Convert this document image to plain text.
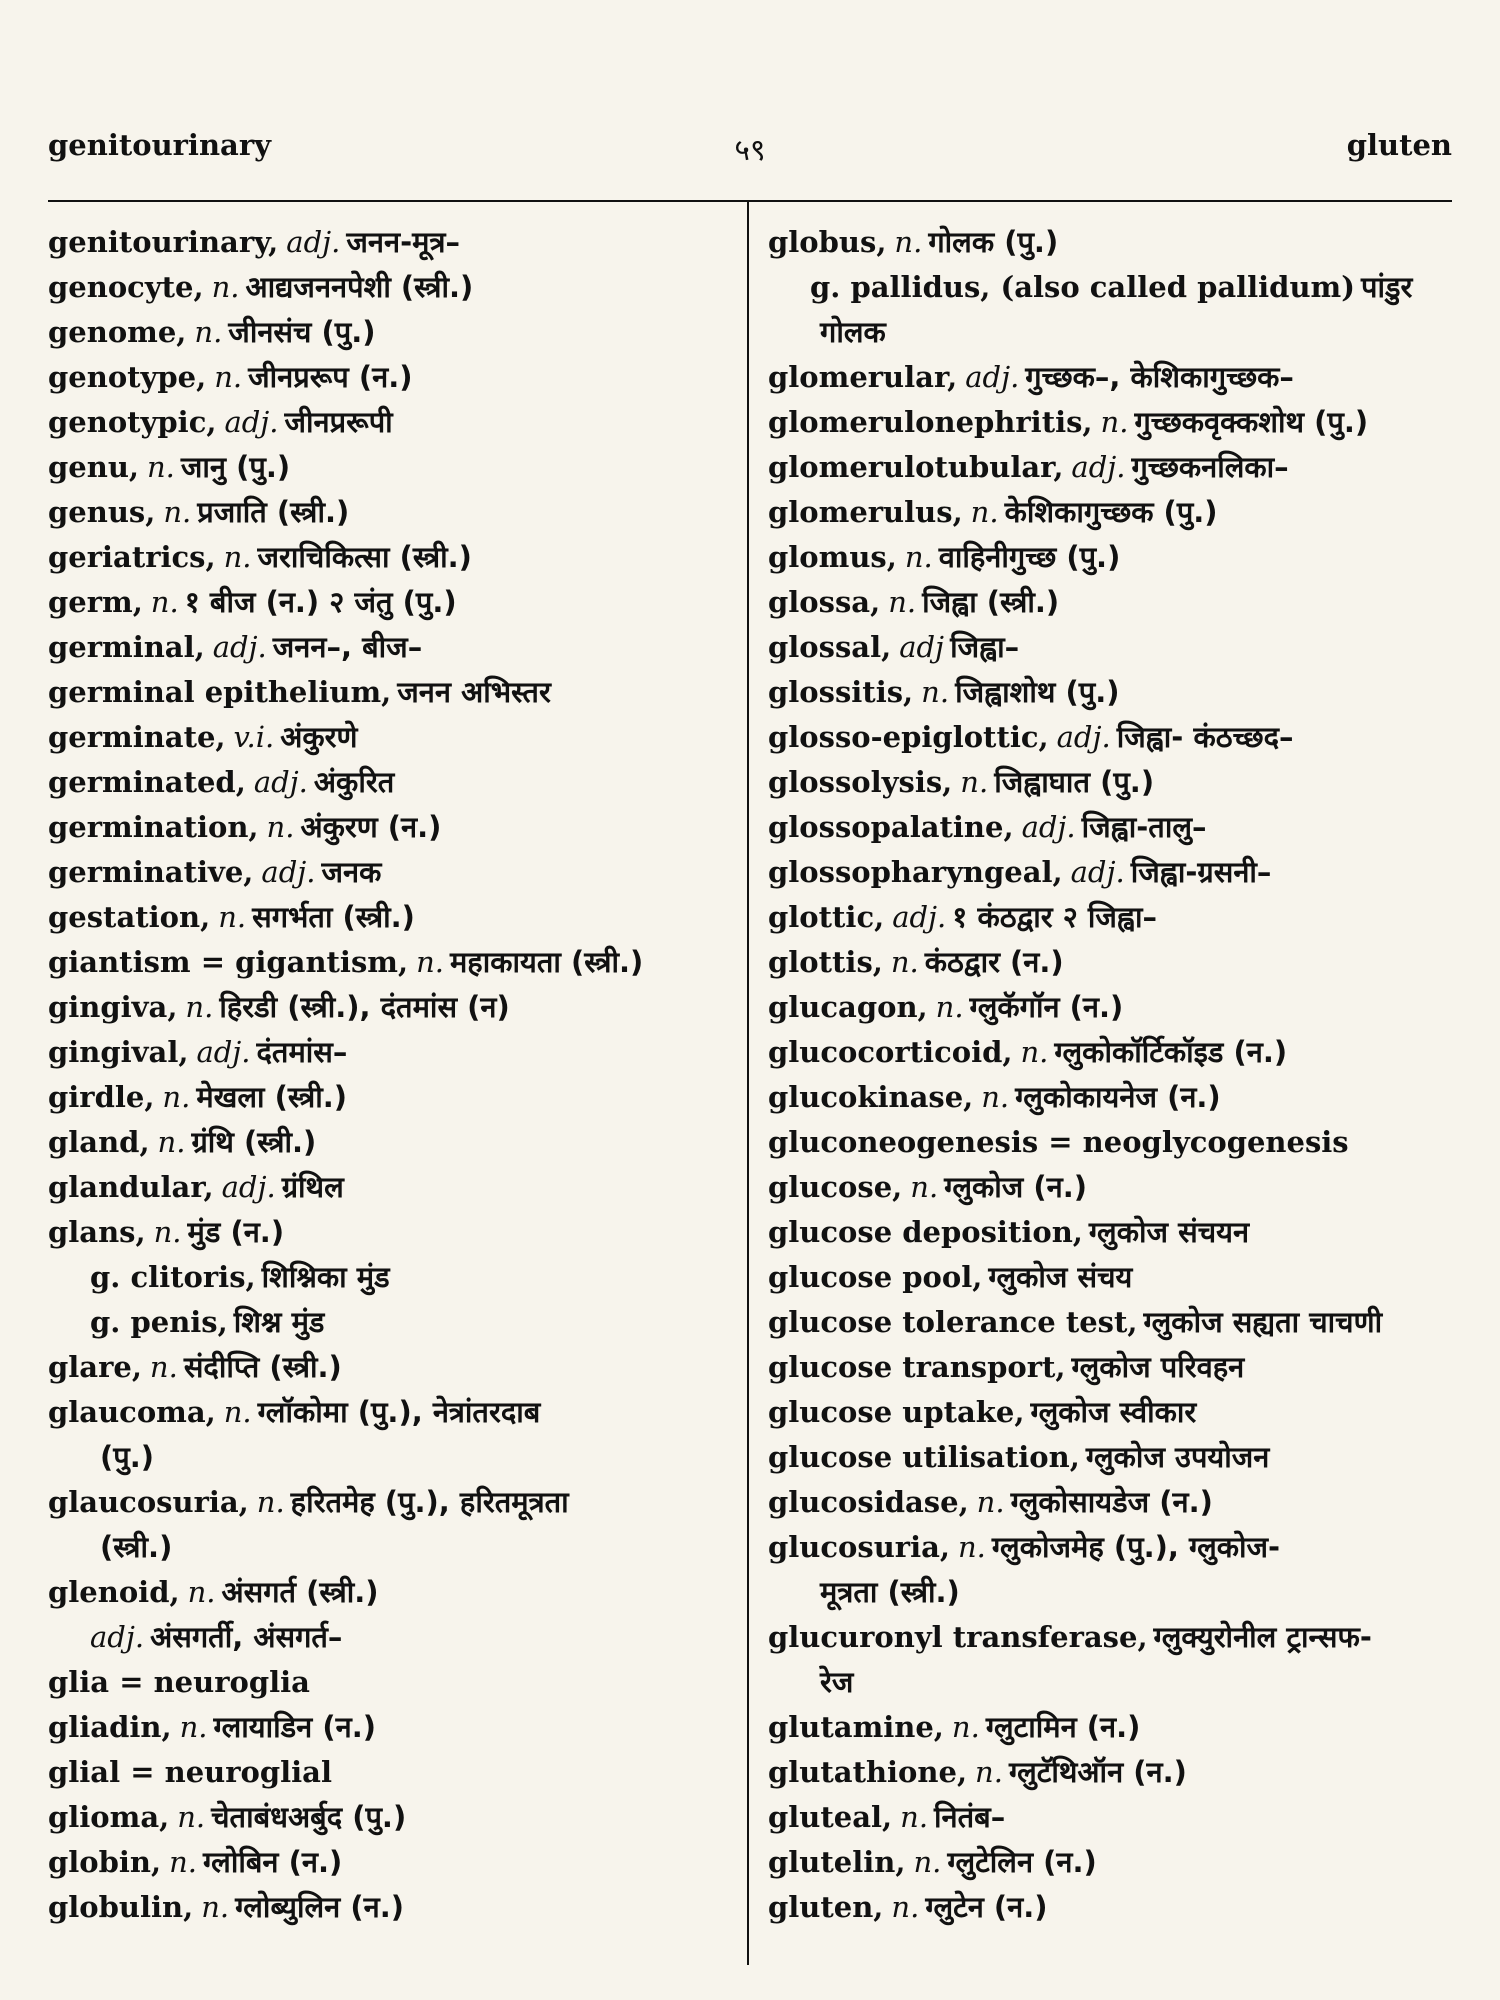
genitourinary	५९	gluten
genitourinary, adj. जनन-मूत्र–
genocyte, n. आद्यजननपेशी (स्त्री.)
genome, n. जीनसंच (पु.)
genotype, n. जीनप्ररूप (न.)
genotypic, adj. जीनप्ररूपी
genu, n. जानु (पु.)
genus, n. प्रजाति (स्त्री.)
geriatrics, n. जराचिकित्सा (स्त्री.)
germ, n. १ बीज (न.) २ जंतु (पु.)
germinal, adj. जनन–, बीज–
germinal epithelium, जनन अभिस्तर
germinate, v.i. अंकुरणे
germinated, adj. अंकुरित
germination, n. अंकुरण (न.)
germinative, adj. जनक
gestation, n. सगर्भता (स्त्री.)
giantism = gigantism, n. महाकायता (स्त्री.)
gingiva, n. हिरडी (स्त्री.), दंतमांस (न)
gingival, adj. दंतमांस–
girdle, n. मेखला (स्त्री.)
gland, n. ग्रंथि (स्त्री.)
glandular, adj. ग्रंथिल
glans, n. मुंड (न.)
g. clitoris, शिश्निका मुंड
g. penis, शिश्न मुंड
glare, n. संदीप्ति (स्त्री.)
glaucoma, n. ग्लॉकोमा (पु.), नेत्रांतरदाब
(पु.)
glaucosuria, n. हरितमेह (पु.), हरितमूत्रता
(स्त्री.)
glenoid, n. अंसगर्त (स्त्री.)
adj. अंसगर्ती, अंसगर्त–
glia = neuroglia
gliadin, n. ग्लायाडिन (न.)
glial = neuroglial
glioma, n. चेताबंधअर्बुद (पु.)
globin, n. ग्लोबिन (न.)
globulin, n. ग्लोब्युलिन (न.)
globus, n. गोलक (पु.)
g. pallidus, (also called pallidum) पांडुर
गोलक
glomerular, adj. गुच्छक–, केशिकागुच्छक–
glomerulonephritis, n. गुच्छकवृक्कशोथ (पु.)
glomerulotubular, adj. गुच्छकनलिका–
glomerulus, n. केशिकागुच्छक (पु.)
glomus, n. वाहिनीगुच्छ (पु.)
glossa, n. जिह्वा (स्त्री.)
glossal, adj जिह्वा–
glossitis, n. जिह्वाशोथ (पु.)
glosso-epiglottic, adj. जिह्वा- कंठच्छद–
glossolysis, n. जिह्वाघात (पु.)
glossopalatine, adj. जिह्वा-तालु–
glossopharyngeal, adj. जिह्वा-ग्रसनी–
glottic, adj. १ कंठद्वार २ जिह्वा–
glottis, n. कंठद्वार (न.)
glucagon, n. ग्लुकॅगॉन (न.)
glucocorticoid, n. ग्लुकोकॉर्टिकॉइड (न.)
glucokinase, n. ग्लुकोकायनेज (न.)
gluconeogenesis = neoglycogenesis
glucose, n. ग्लुकोज (न.)
glucose deposition, ग्लुकोज संचयन
glucose pool, ग्लुकोज संचय
glucose tolerance test, ग्लुकोज सह्यता चाचणी
glucose transport, ग्लुकोज परिवहन
glucose uptake, ग्लुकोज स्वीकार
glucose utilisation, ग्लुकोज उपयोजन
glucosidase, n. ग्लुकोसायडेज (न.)
glucosuria, n. ग्लुकोजमेह (पु.), ग्लुकोज-
मूत्रता (स्त्री.)
glucuronyl transferase, ग्लुक्युरोनील ट्रान्सफ-
रेज
glutamine, n. ग्लुटामिन (न.)
glutathione, n. ग्लुटॅथिऑन (न.)
gluteal, n. नितंब–
glutelin, n. ग्लुटेलिन (न.)
gluten, n. ग्लुटेन (न.)
